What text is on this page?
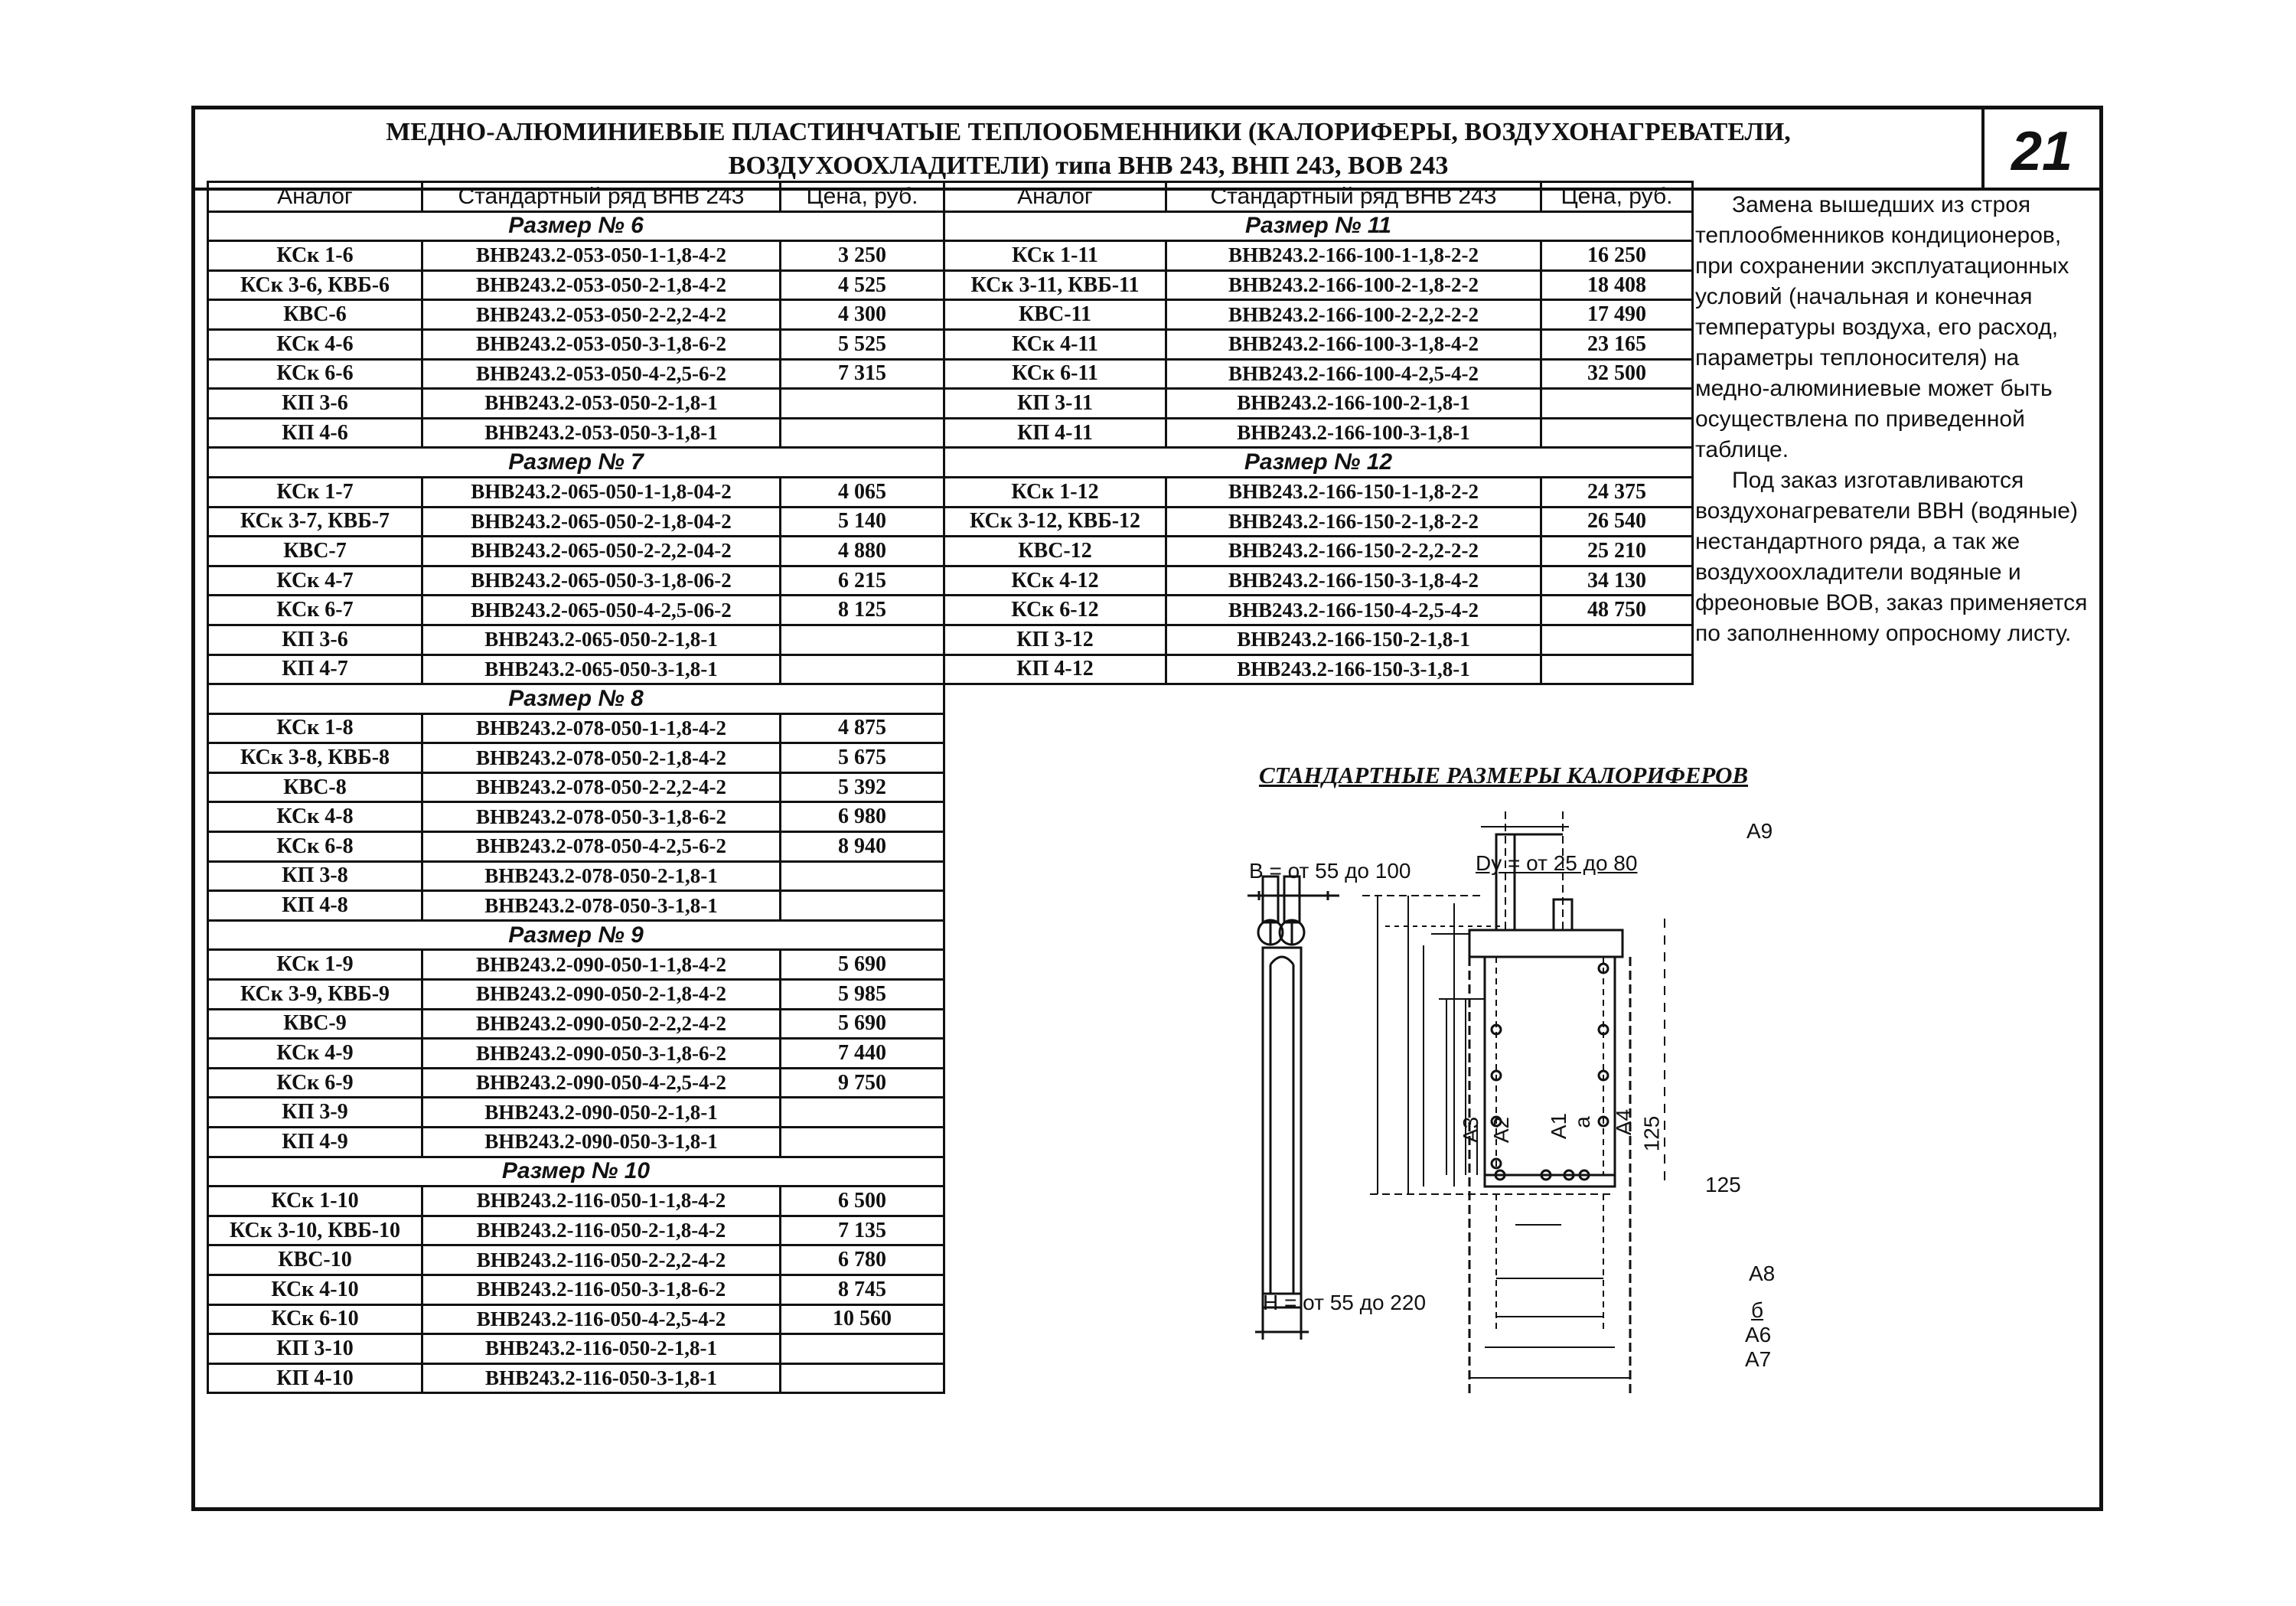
МЕДНО-АЛЮМИНИЕВЫЕ ПЛАСТИНЧАТЫЕ ТЕПЛООБМЕННИКИ (КАЛОРИФЕРЫ, ВОЗДУХОНАГРЕВАТЕЛИ,
ВОЗДУХООХЛАДИТЕЛИ) типа ВНВ 243, ВНП 243, ВОВ 243	21
Аналог	Стандартный ряд ВНВ 243	Цена, руб.
Размер № 6		
КСк 1-6	ВНВ243.2-053-050-1-1,8-4-2	3 250
КСк 3-6, КВБ-6	ВНВ243.2-053-050-2-1,8-4-2	4 525
КВС-6	ВНВ243.2-053-050-2-2,2-4-2	4 300
КСк 4-6	ВНВ243.2-053-050-3-1,8-6-2	5 525
КСк 6-6	ВНВ243.2-053-050-4-2,5-6-2	7 315
КП 3-6	ВНВ243.2-053-050-2-1,8-1	
КП 4-6	ВНВ243.2-053-050-3-1,8-1	
Размер № 7		
КСк 1-7	ВНВ243.2-065-050-1-1,8-04-2	4 065
КСк 3-7, КВБ-7	ВНВ243.2-065-050-2-1,8-04-2	5 140
КВС-7	ВНВ243.2-065-050-2-2,2-04-2	4 880
КСк 4-7	ВНВ243.2-065-050-3-1,8-06-2	6 215
КСк 6-7	ВНВ243.2-065-050-4-2,5-06-2	8 125
КП 3-6	ВНВ243.2-065-050-2-1,8-1	
КП 4-7	ВНВ243.2-065-050-3-1,8-1	
Размер № 8		
КСк 1-8	ВНВ243.2-078-050-1-1,8-4-2	4 875
КСк 3-8, КВБ-8	ВНВ243.2-078-050-2-1,8-4-2	5 675
КВС-8	ВНВ243.2-078-050-2-2,2-4-2	5 392
КСк 4-8	ВНВ243.2-078-050-3-1,8-6-2	6 980
КСк 6-8	ВНВ243.2-078-050-4-2,5-6-2	8 940
КП 3-8	ВНВ243.2-078-050-2-1,8-1	
КП 4-8	ВНВ243.2-078-050-3-1,8-1	
Размер № 9		
КСк 1-9	ВНВ243.2-090-050-1-1,8-4-2	5 690
КСк 3-9, КВБ-9	ВНВ243.2-090-050-2-1,8-4-2	5 985
КВС-9	ВНВ243.2-090-050-2-2,2-4-2	5 690
КСк 4-9	ВНВ243.2-090-050-3-1,8-6-2	7 440
КСк 6-9	ВНВ243.2-090-050-4-2,5-4-2	9 750
КП 3-9	ВНВ243.2-090-050-2-1,8-1	
КП 4-9	ВНВ243.2-090-050-3-1,8-1	
Размер № 10		
КСк 1-10	ВНВ243.2-116-050-1-1,8-4-2	6 500
КСк 3-10, КВБ-10	ВНВ243.2-116-050-2-1,8-4-2	7 135
КВС-10	ВНВ243.2-116-050-2-2,2-4-2	6 780
КСк 4-10	ВНВ243.2-116-050-3-1,8-6-2	8 745
КСк 6-10	ВНВ243.2-116-050-4-2,5-4-2	10 560
КП 3-10	ВНВ243.2-116-050-2-1,8-1	
КП 4-10	ВНВ243.2-116-050-3-1,8-1	
Аналог	Стандартный ряд ВНВ 243	Цена, руб.
Размер № 11		
КСк 1-11	ВНВ243.2-166-100-1-1,8-2-2	16 250
КСк 3-11, КВБ-11	ВНВ243.2-166-100-2-1,8-2-2	18 408
КВС-11	ВНВ243.2-166-100-2-2,2-2-2	17 490
КСк 4-11	ВНВ243.2-166-100-3-1,8-4-2	23 165
КСк 6-11	ВНВ243.2-166-100-4-2,5-4-2	32 500
КП 3-11	ВНВ243.2-166-100-2-1,8-1	
КП 4-11	ВНВ243.2-166-100-3-1,8-1	
Размер № 12		
КСк 1-12	ВНВ243.2-166-150-1-1,8-2-2	24 375
КСк 3-12, КВБ-12	ВНВ243.2-166-150-2-1,8-2-2	26 540
КВС-12	ВНВ243.2-166-150-2-2,2-2-2	25 210
КСк 4-12	ВНВ243.2-166-150-3-1,8-4-2	34 130
КСк 6-12	ВНВ243.2-166-150-4-2,5-4-2	48 750
КП 3-12	ВНВ243.2-166-150-2-1,8-1	
КП 4-12	ВНВ243.2-166-150-3-1,8-1	

Замена вышедших из строя теплообменников кондиционеров, при сохранении эксплуатационных условий (начальная и конечная температуры воздуха, его расход, параметры теплоносителя) на медно-алюминиевые может быть осуществлена по приведенной таблице.

Под заказ изготавливаются воздухонагреватели ВВН (водяные) нестандартного ряда, а так же воздухоохладители водяные и фреоновые ВОВ, заказ применяется по заполненному опросному листу.

СТАНДАРТНЫЕ РАЗМЕРЫ КАЛОРИФЕРОВ
В = от 55 до 100	Dy = от 25 до 80
Н = от 55 до 220
А9
А3 А2 А1 а А4 125
125
А8
б
А6
А7
